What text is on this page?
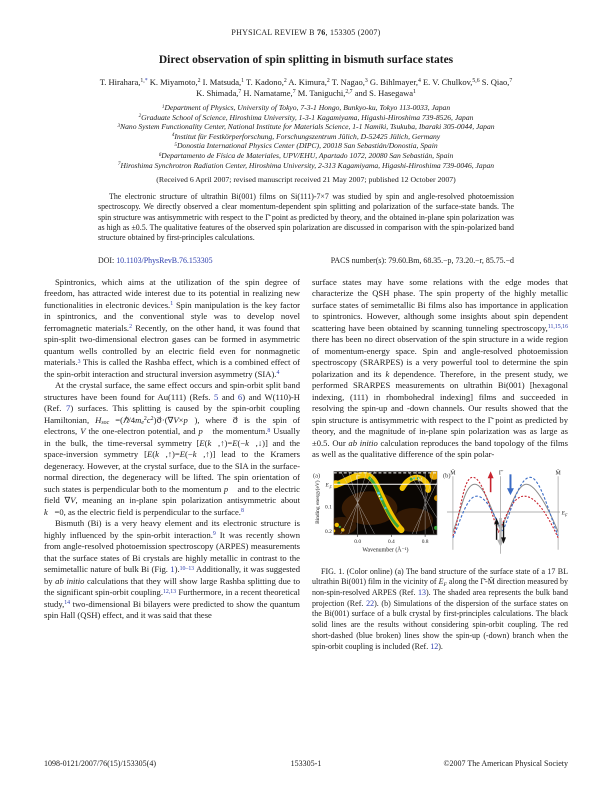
PHYSICAL REVIEW B 76, 153305 (2007)
Direct observation of spin splitting in bismuth surface states
T. Hirahara,$^{1,*}$ K. Miyamoto,$^2$ I. Matsuda,$^1$ T. Kadono,$^2$ A. Kimura,$^2$ T. Nagao,$^3$ G. Bihlmayer,$^4$ E. V. Chulkov,$^{5,6}$ S. Qiao,$^7$
K. Shimada,$^7$ H. Namatame,$^7$ M. Taniguchi,$^{2,7}$ and S. Hasegawa$^1$
$^1$Department of Physics, University of Tokyo, 7-3-1 Hongo, Bunkyo-ku, Tokyo 113-0033, Japan
$^2$Graduate School of Science, Hiroshima University, 1-3-1 Kagamiyama, Higashi-Hiroshima 739-8526, Japan
$^3$Nano System Functionality Center, National Institute for Materials Science, 1-1 Namiki, Tsukuba, Ibaraki 305-0044, Japan
$^4$Institut für Festkörperforschung, Forschungszentrum Jülich, D-52425 Jülich, Germany
$^5$Donostia International Physics Center (DIPC), 20018 San Sebastián/Donostia, Spain
$^6$Departamento de Física de Materiales, UPV/EHU, Apartado 1072, 20080 San Sebastián, Spain
$^7$Hiroshima Synchrotron Radiation Center, Hiroshima University, 2-313 Kagamiyama, Higashi-Hiroshima 739-0046, Japan
(Received 6 April 2007; revised manuscript received 21 May 2007; published 12 October 2007)
The electronic structure of ultrathin Bi(001) films on Si(111)-7×7 was studied by spin and angle-resolved photoemission spectroscopy. We directly observed a clear momentum-dependent spin splitting and polarization of the surface-state bands. The spin structure was antisymmetric with respect to the Γ̄ point as predicted by theory, and the obtained in-plane spin polarization was as high as ±0.5. The qualitative features of the observed spin polarization are discussed in comparison with the spin-polarized band structure obtained by first-principles calculations.
DOI: 10.1103/PhysRevB.76.153305	PACS number(s): 79.60.Bm, 68.35.−p, 73.20.−r, 85.75.−d

Spintronics, which aims at the utilization of the spin degree of freedom, has attracted wide interest due to its potential in realizing new functionalities in electronic devices.$^1$ Spin manipulation is the key factor in spintronics, and the conventional style was to develop novel ferromagnetic materials.$^2$ Recently, on the other hand, it was found that spin-split two-dimensional electron gases can be formed in asymmetric quantum wells controlled by an electric field even for nonmagnetic materials.$^3$ This is called the Rashba effect, which is a combined effect of the spin-orbit interaction and structural inversion asymmetry (SIA).$^4$

At the crystal surface, the same effect occurs and spin-orbit split band structures have been found for Au(111) (Refs. 5 and 6) and W(110)-H (Ref. 7) surfaces. This splitting is caused by the spin-orbit coupling Hamiltonian, Hsoc $=(\hbar/4me^2c^2)\sigma⃗\cdot(\nabla V\times p⃗)$, where σ⃗ is the spin of electrons, V the one-electron potential, and p⃗ the momentum.$^8$ Usually in the bulk, the time-reversal symmetry [E(k⃗,↑)=E(−k⃗,↓)] and the space-inversion symmetry [E(k⃗,↑)=E(−k⃗,↑)] lead to the Kramers degeneracy. However, at the crystal surface, due to the SIA in the surface-normal direction, the degeneracy will be lifted. The spin orientation of such states is perpendicular both to the momentum p⃗ and to the electric field ∇V, meaning an in-plane spin polarization antisymmetric about k⃗=0, as the electric field is perpendicular to the surface.$^8$

Bismuth (Bi) is a very heavy element and its electronic structure is highly influenced by the spin-orbit interaction.$^9$ It was recently shown from angle-resolved photoemission spectroscopy (ARPES) measurements that the surface states of Bi crystals are highly metallic in contrast to the semimetallic nature of bulk Bi (Fig. 1).$^{10-13}$ Additionally, it was suggested by ab initio calculations that they will show large Rashba splitting due to the significant spin-orbit coupling.$^{12,13}$ Furthermore, in a recent theoretical study,$^{14}$ two-dimensional Bi bilayers were predicted to show the quantum spin Hall (QSH) effect, and it was said that these

surface states may have some relations with the edge modes that characterize the QSH phase. The spin property of the highly metallic surface states of semimetallic Bi films also has importance in application to spintronics. However, although some insights about spin dependent scattering have been obtained by scanning tunneling spectroscopy,$^{11,15,16}$ there has been no direct observation of the spin structure in a wide region of momentum-energy space. Spin and angle-resolved photoemission spectroscopy (SRARPES) is a very powerful tool to determine the spin polarization and its k dependence. Therefore, in the present study, we performed SRARPES measurements on ultrathin Bi(001) [hexagonal indexing, (111) in rhombohedral indexing] films and succeeded in resolving the spin-up and -down channels. Our results showed that the spin structure is antisymmetric with respect to the Γ̄ point as predicted by theory, and the magnitude of in-plane spin polarization was as large as ±0.5. Our ab initio calculation reproduces the band topology of the films as well as the qualitative difference of the spin polar-

(a)	Γ̄	M̄
E F
0.1
0.2
Binding energy(eV)
0.0	0.4	0.8
Wavenumber (Å⁻¹)
(b) M̄	Γ̄	M̄
E F
FIG. 1. (Color online) (a) The band structure of the surface state of a 17 BL ultrathin Bi(001) film in the vicinity of EF along the Γ̄-M̄ direction measured by non-spin-resolved ARPES (Ref. 13). The shaded area represents the bulk band projection (Ref. 22). (b) Simulations of the dispersion of the surface states on the Bi(001) surface of a bulk crystal by first-principles calculations. The black solid lines are the results without considering spin-orbit coupling. The red short-dashed (blue broken) lines show the spin-up (-down) branch when the spin-orbit coupling is included (Ref. 12).
1098-0121/2007/76(15)/153305(4)	153305-1	©2007 The American Physical Society
